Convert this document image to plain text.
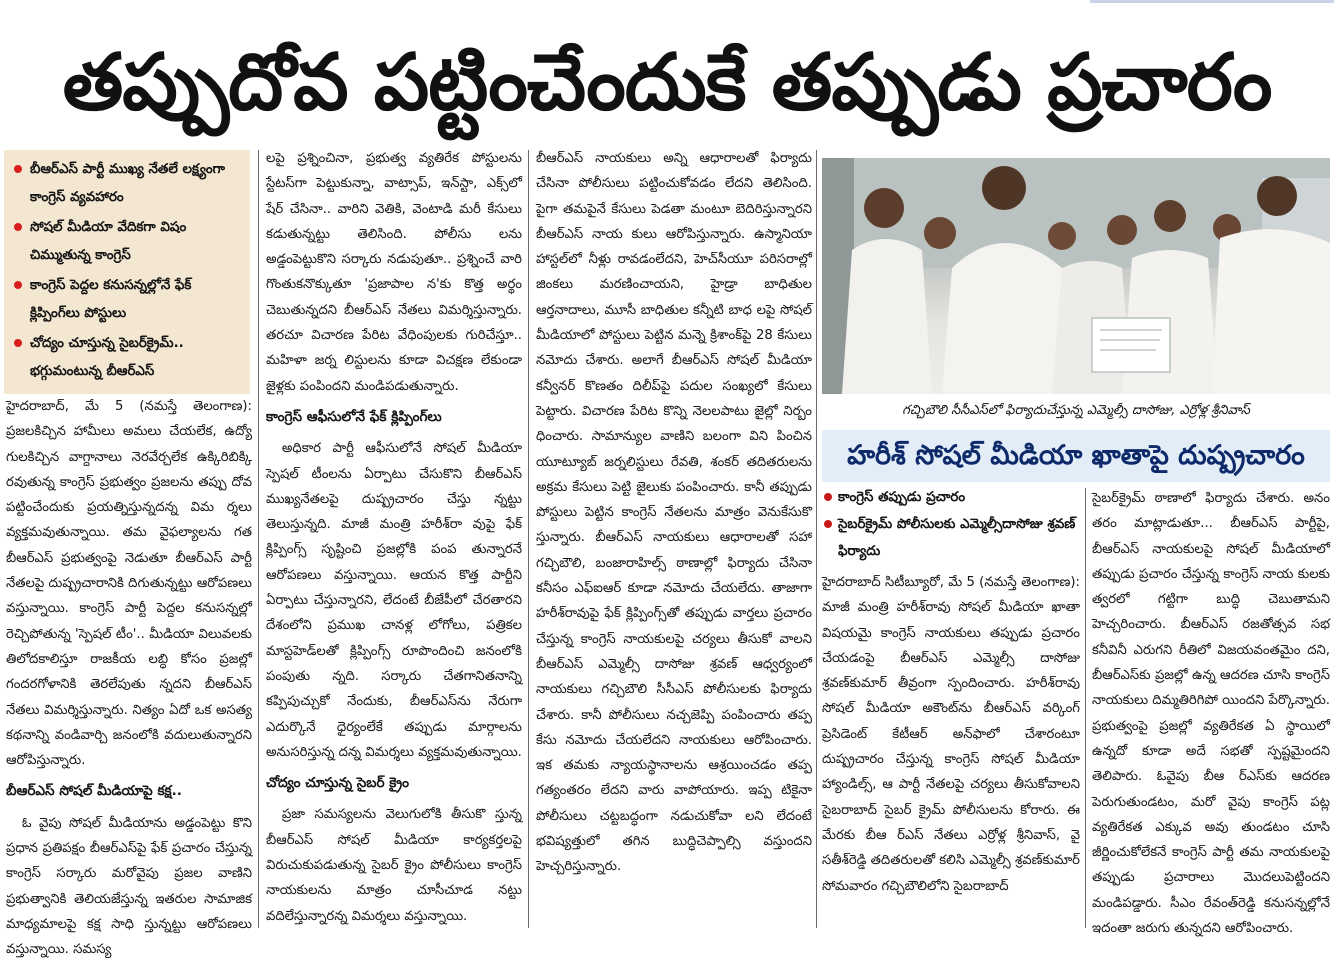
తప్పుదోవ పట్టించేందుకే తప్పుడు ప్రచారం
బీఆర్‌ఎస్ పార్టీ ముఖ్య నేతలే లక్ష్యంగా కాంగ్రెస్ వ్యవహారం
సోషల్ మీడియా వేదికగా విషం చిమ్ముతున్న కాంగ్రెస్
కాంగ్రెస్ పెద్దల కనుసన్నల్లోనే ఫేక్ క్లిప్పింగ్‌లు పోస్టులు
చోద్యం చూస్తున్న సైబర్‌క్రైమ్.. భగ్గుమంటున్న బీఆర్‌ఎస్

హైదరాబాద్, మే 5 (నమస్తే తెలంగాణ): ప్రజలకిచ్చిన హామీలు అమలు చేయలేక, ఉద్యో గులకిచ్చిన వాగ్దానాలు నెరవేర్చలేక ఉక్కిరిబిక్కి రవుతున్న కాంగ్రెస్ ప్రభుత్వం ప్రజలను తప్పు దోవ పట్టించేందుకు ప్రయత్నిస్తున్నదన్న విమ ర్శలు వ్యక్తమవుతున్నాయి. తమ వైఫల్యాలను గత బీఆర్‌ఎస్ ప్రభుత్వంపై నెడుతూ బీఆర్‌ఎస్ పార్టీ నేతలపై దుష్ప్రచారానికి దిగుతున్నట్టు ఆరోపణలు వస్తున్నాయి. కాంగ్రెస్ పార్టీ పెద్దల కనుసన్నల్లో రెచ్చిపోతున్న 'స్పెషల్ టీం'.. మీడియా విలువలకు తిలోదకాలిస్తూ రాజకీయ లబ్ధి కోసం ప్రజల్లో గందరగోళానికి తెరలేపుతు న్నదని బీఆర్‌ఎస్ నేతలు విమర్శిస్తున్నారు. నిత్యం ఏదో ఒక అసత్య కథనాన్ని వండివార్చి జనంలోకి వదులుతున్నారని ఆరోపిస్తున్నారు.

బీఆర్‌ఎస్ సోషల్ మీడియాపై కక్ష..

ఓ వైపు సోషల్ మీడియాను అడ్డంపెట్టు కొని ప్రధాన ప్రతిపక్షం బీఆర్‌ఎస్‌పై ఫేక్ ప్రచారం చేస్తున్న కాంగ్రెస్ సర్కారు మరోవైపు ప్రజల వాణిని ప్రభుత్వానికి తెలియజేస్తున్న ఇతరుల సామాజిక మాధ్యమాలపై కక్ష సాధి స్తున్నట్టు ఆరోపణలు వస్తున్నాయి. సమస్య

లపై ప్రశ్నించినా, ప్రభుత్వ వ్యతిరేక పోస్టులను స్టేటస్‌గా పెట్టుకున్నా, వాట్సాప్, ఇన్‌స్టా, ఎక్స్‌లో షేర్ చేసినా.. వారిని వెతికి, వెంటాడి మరీ కేసులు కడుతున్నట్టు తెలిసింది. పోలీసు లను అడ్డంపెట్టుకొని సర్కారు నడుపుతూ.. ప్రశ్నించే వారి గొంతుకనొక్కుతూ 'ప్రజాపాల న'కు కొత్త అర్థం చెబుతున్నదని బీఆర్‌ఎస్ నేతలు విమర్శిస్తున్నారు. తరచూ విచారణ పేరిట వేధింపులకు గురిచేస్తూ.. మహిళా జర్న లిస్టులను కూడా విచక్షణ లేకుండా జైళ్లకు పంపిందని మండిపడుతున్నారు.

కాంగ్రెస్ ఆఫీసులోనే ఫేక్ క్లిప్పింగ్‌లు

అధికార పార్టీ ఆఫీసులోనే సోషల్ మీడియా స్పెషల్ టీంలను ఏర్పాటు చేసుకొని బీఆర్‌ఎస్ ముఖ్యనేతలపై దుష్ప్రచారం చేస్తు న్నట్టు తెలుస్తున్నది. మాజీ మంత్రి హరీశ్‌రా వుపై ఫేక్ క్లిప్పింగ్స్ సృష్టించి ప్రజల్లోకి పంప తున్నారనే ఆరోపణలు వస్తున్నాయి. ఆయన కొత్త పార్టీని ఏర్పాటు చేస్తున్నారని, లేదంటే బీజేపీలో చేరతారని దేశంలోని ప్రముఖ చానళ్ల లోగోలు, పత్రికల మాస్టహెడ్‌లతో క్లిప్పింగ్స్ రూపొందించి జనంలోకి పంపుతు న్నది. సర్కారు చేతగానితనాన్ని కప్పిపుచ్చుకో నేందుకు, బీఆర్‌ఎస్‌ను నేరుగా ఎదుర్కొనే ధైర్యంలేకే తప్పుడు మార్గాలను అనుసరిస్తున్న దన్న విమర్శలు వ్యక్తమవుతున్నాయి.

చోద్యం చూస్తున్న సైబర్ క్రైం

ప్రజా సమస్యలను వెలుగులోకి తీసుకొ స్తున్న బీఆర్‌ఎస్ సోషల్ మీడియా కార్యకర్తలపై విరుచుకుపడుతున్న సైబర్ క్రైం పోలీసులు కాంగ్రెస్ నాయకులను మాత్రం చూసీచూడ నట్టు వదిలేస్తున్నారన్న విమర్శలు వస్తున్నాయి.

బీఆర్‌ఎస్ నాయకులు అన్ని ఆధారాలతో ఫిర్యాదు చేసినా పోలీసులు పట్టించుకోవడం లేదని తెలిసింది. పైగా తమపైనే కేసులు పెడతా మంటూ బెదిరిస్తున్నారని బీఆర్‌ఎస్ నాయ కులు ఆరోపిస్తున్నారు. ఉస్మానియా హాస్టల్‌లో నీళ్లు రావడంలేదని, హెచ్‌సీయూ పరిసరాల్లో జింకలు మరణించాయని, హైడ్రా బాధితుల ఆర్తనాదాలు, మూసీ బాధితుల కన్నీటి బాధ లపై సోషల్ మీడియాలో పోస్టులు పెట్టిన మన్నె క్రిశాంక్‌పై 28 కేసులు నమోదు చేశారు. అలాగే బీఆర్‌ఎస్ సోషల్ మీడియా కన్వీనర్ కొణతం దిలీప్‌పై పదుల సంఖ్యలో కేసులు పెట్టారు. విచారణ పేరిట కొన్ని నెలలపాటు జైల్లో నిర్బం ధించారు. సామాన్యుల వాణిని బలంగా విని పించిన యూట్యూబ్ జర్నలిస్టులు రేవతి, శంకర్ తదితరులను అక్రమ కేసులు పెట్టి జైలుకు పంపించారు. కానీ తప్పుడు పోస్టులు పెట్టిన కాంగ్రెస్ నేతలను మాత్రం వెనుకేసుకొ స్తున్నారు. బీఆర్‌ఎస్ నాయకులు ఆధారాలతో సహా గచ్చిబౌలి, బంజారాహిల్స్ ఠాణాల్లో ఫిర్యాదు చేసినా కనీసం ఎఫ్ఐఆర్ కూడా నమోదు చేయలేదు. తాజాగా హరీశ్‌రావుపై ఫేక్ క్లిప్పింగ్స్‌తో తప్పుడు వార్తలు ప్రచారం చేస్తున్న కాంగ్రెస్ నాయకులపై చర్యలు తీసుకో వాలని బీఆర్‌ఎస్ ఎమ్మెల్సీ దాసోజు శ్రవణ్ ఆధ్వర్యంలో నాయకులు గచ్చిబౌలి సీసీఎస్ పోలీసులకు ఫిర్యాదు చేశారు. కానీ పోలీసులు నచ్చజెప్పి పంపించారు తప్ప కేసు నమోదు చేయలేదని నాయకులు ఆరోపించారు. ఇక తమకు న్యాయస్థానాలను ఆశ్రయించడం తప్ప గత్యంతరం లేదని వారు వాపోయారు. ఇప్ప టికైనా పోలీసులు చట్టబద్ధంగా నడుచుకోవా లని లేదంటే భవిష్యత్తులో తగిన బుద్ధిచెప్పాల్సి వస్తుందని హెచ్చరిస్తున్నారు.

గచ్చిబౌలి సీసీఎస్‌లో ఫిర్యాదుచేస్తున్న ఎమ్మెల్సీ దాసోజు, ఎర్రోళ్ల శ్రీనివాస్
హరీశ్ సోషల్ మీడియా ఖాతాపై దుష్ప్రచారం
కాంగ్రెస్ తప్పుడు ప్రచారం
సైబర్‌క్రైమ్ పోలీసులకు ఎమ్మెల్సీదాసోజు శ్రవణ్ ఫిర్యాదు

హైదరాబాద్ సిటీబ్యూరో, మే 5 (నమస్తే తెలంగాణ): మాజీ మంత్రి హరీశ్‌రావు సోషల్ మీడియా ఖాతా విషయమై కాంగ్రెస్ నాయకులు తప్పుడు ప్రచారం చేయడంపై బీఆర్‌ఎస్ ఎమ్మెల్సీ దాసోజు శ్రవణ్‌కుమార్ తీవ్రంగా స్పందించారు. హరీశ్‌రావు సోషల్ మీడియా అకౌంట్‌ను బీఆర్‌ఎస్ వర్కింగ్ ప్రెసిడెంట్ కేటీఆర్ అన్‌ఫాలో చేశారంటూ దుష్ప్రచారం చేస్తున్న కాంగ్రెస్ సోషల్ మీడియా హ్యాండిల్స్, ఆ పార్టీ నేతలపై చర్యలు తీసుకోవాలని సైబరాబాద్ సైబర్ క్రైమ్ పోలీసులను కోరారు. ఈ మేరకు బీఆ ర్‌ఎస్ నేతలు ఎర్రోళ్ల శ్రీనివాస్, వై సతీశ్‌రెడ్డి తదితరులతో కలిసి ఎమ్మెల్సీ శ్రవణ్‌కుమార్ సోమవారం గచ్చిబౌలిలోని సైబరాబాద్

సైబర్‌క్రైమ్ ఠాణాలో ఫిర్యాదు చేశారు. అనం తరం మాట్లాడుతూ... బీఆర్‌ఎస్ పార్టీపై, బీఆర్‌ఎస్ నాయకులపై సోషల్ మీడియాలో తప్పుడు ప్రచారం చేస్తున్న కాంగ్రెస్ నాయ కులకు త్వరలో గట్టిగా బుద్ధి చెబుతామని హెచ్చరించారు. బీఆర్‌ఎస్ రజతోత్సవ సభ కనీవినీ ఎరుగని రీతిలో విజయవంతమైం దని, బీఆర్‌ఎస్‌కు ప్రజల్లో ఉన్న ఆదరణ చూసి కాంగ్రెస్ నాయకులు దిమ్మతిరిగిపో యిందని పేర్కొన్నారు. ప్రభుత్వంపై ప్రజల్లో వ్యతిరేకత ఏ స్థాయిలో ఉన్నదో కూడా అదే సభతో స్పష్టమైందని తెలిపారు. ఓవైపు బీఆ ర్‌ఎస్‌కు ఆదరణ పెరుగుతుండటం, మరో వైపు కాంగ్రెస్ పట్ల వ్యతిరేకత ఎక్కువ అవు తుండటం చూసి జీర్ణించుకోలేకనే కాంగ్రెస్ పార్టీ తమ నాయకులపై తప్పుడు ప్రచారాలు మొదలుపెట్టిందని మండిపడ్డారు. సీఎం రేవంత్‌రెడ్డి కనుసన్నల్లోనే ఇదంతా జరుగు తున్నదని ఆరోపించారు.
